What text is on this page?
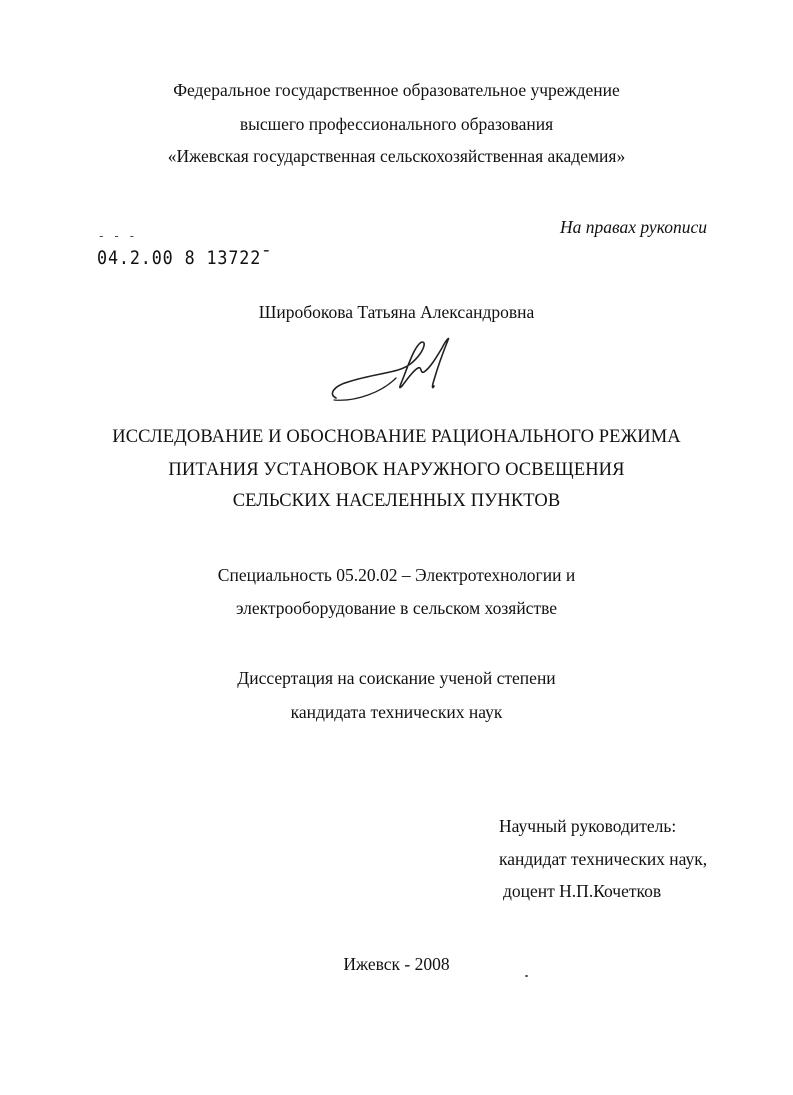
Федеральное государственное образовательное учреждение
высшего профессионального образования
«Ижевская государственная сельскохозяйственная академия»
На правах рукописи
ˉ ˉ ˉ
04.2.00 8 13722ˉ
Широбокова Татьяна Александровна
ИССЛЕДОВАНИЕ И ОБОСНОВАНИЕ РАЦИОНАЛЬНОГО РЕЖИМА
ПИТАНИЯ УСТАНОВОК НАРУЖНОГО ОСВЕЩЕНИЯ
СЕЛЬСКИХ НАСЕЛЕННЫХ ПУНКТОВ
Специальность 05.20.02 – Электротехнологии и
электрооборудование в сельском хозяйстве
Диссертация на соискание ученой степени
кандидата технических наук
Научный руководитель:
кандидат технических наук,
доцент Н.П.Кочетков
Ижевск - 2008
